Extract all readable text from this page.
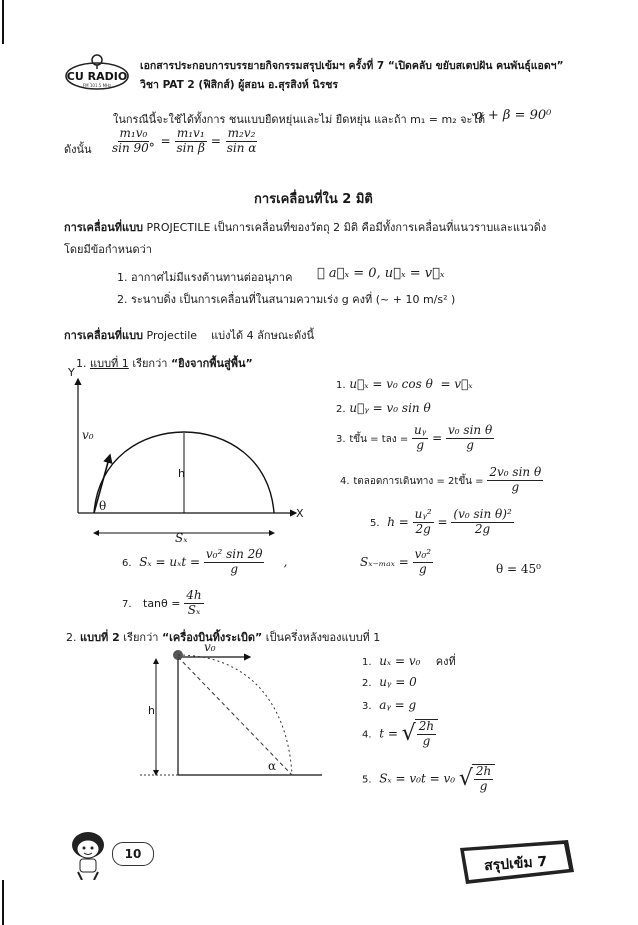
CU RADIO
FM 101.5 MHz
เอกสารประกอบการบรรยายกิจกรรมสรุปเข้มฯ ครั้งที่ 7 “เปิดคลับ ขยับสเตปฝัน คนพันธุ์แอดฯ”
วิชา PAT 2 (ฟิสิกส์) ผู้สอน อ.สุรสิงห์ นิรชร
ในกรณีนี้จะใช้ได้ทั้งการ ชนแบบยืดหยุ่นและไม่ ยืดหยุ่น และถ้า m₁ = m₂ จะได้
α + β = 90⁰
ดังนั้น $\frac{\text{m₁v₀}}{\sin 90^\circ} = \frac{\text{m₁v₁}}{\text{sin β}} = \frac{\text{m₂v₂}}{\text{sin α}}$
การเคลื่อนที่ใน 2 มิติ
การเคลื่อนที่แบบ PROJECTILE เป็นการเคลื่อนที่ของวัตถุ 2 มิติ คือมีทั้งการเคลื่อนที่แนวราบและแนวดิ่ง
โดยมีข้อกำหนดว่า
1. อากาศไม่มีแรงต้านทานต่ออนุภาค ∴ a⃗ₓ = 0, u⃗ₓ = v⃗ₓ
2. ระนาบดิ่ง เป็นการเคลื่อนที่ในสนามความเร่ง g คงที่ (~ + 10 m/s² )
การเคลื่อนที่แบบ Projectile แบ่งได้ 4 ลักษณะดังนี้
1. แบบที่ 1 เรียกว่า “ยิงจากพื้นสู่พื้น”
Y
X
v₀
h
θ
Sₓ
1. u⃗ₓ = v₀ cos θ = v⃗ₓ
2. u⃗ᵧ = v₀ sin θ
3. tขึ้น = tลง = $\frac{\text{uᵧ}}{g} = \frac{\text{v₀ sin θ}}{g}$
4. tตลอดการเดินทาง = 2tขึ้น = $\frac{\text{2v₀ sin θ}}{g}$
5. $h = \frac{\text{uᵧ²}}{2g} = \frac{\text{(v₀ sin θ)²}}{2g}$
6. $S_x = u_xt = \frac{\text{v₀² sin 2θ}}{g}$ ,	$S_{x-max} = \frac{\text{v₀²}}{g}$	θ = 45⁰
7. $\tan\theta = \frac{4h}{\text{Sₓ}}$
2. แบบที่ 2 เรียกว่า “เครื่องบินทิ้งระเบิด” เป็นครึ่งหลังของแบบที่ 1
v₀
h
α
1. uₓ = v₀ คงที่
2. uᵧ = 0
3. aᵧ = g
4. t = √ $\frac{2h}{g}$
5. Sₓ = v₀t = v₀ √ $\frac{2h}{g}$
10	สรุปเข้ม 7
